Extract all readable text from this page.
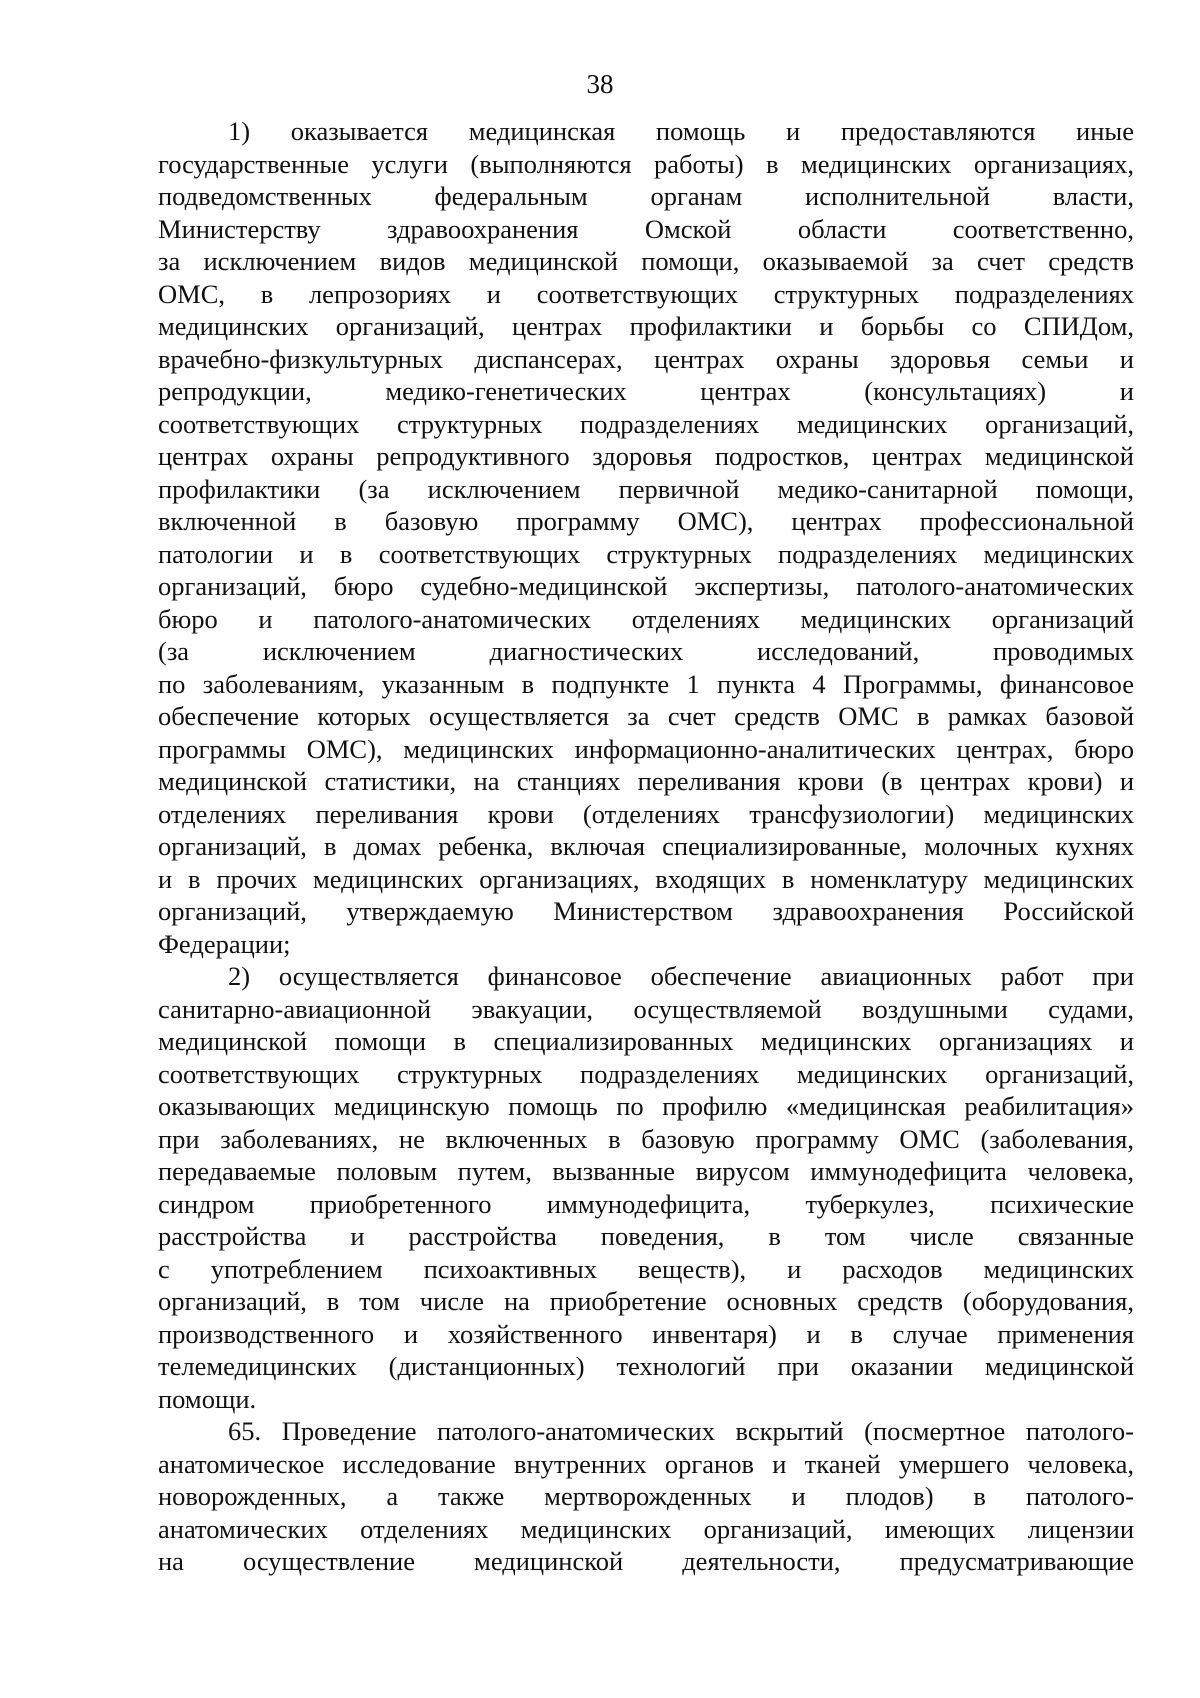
38
1) оказывается медицинская помощь и предоставляются иные
государственные услуги (выполняются работы) в медицинских организациях,
подведомственных федеральным органам исполнительной власти,
Министерству здравоохранения Омской области соответственно,
за исключением видов медицинской помощи, оказываемой за счет средств
ОМС, в лепрозориях и соответствующих структурных подразделениях
медицинских организаций, центрах профилактики и борьбы со СПИДом,
врачебно-физкультурных диспансерах, центрах охраны здоровья семьи и
репродукции, медико-генетических центрах (консультациях) и
соответствующих структурных подразделениях медицинских организаций,
центрах охраны репродуктивного здоровья подростков, центрах медицинской
профилактики (за исключением первичной медико-санитарной помощи,
включенной в базовую программу ОМС), центрах профессиональной
патологии и в соответствующих структурных подразделениях медицинских
организаций, бюро судебно-медицинской экспертизы, патолого-анатомических
бюро и патолого-анатомических отделениях медицинских организаций
(за исключением диагностических исследований, проводимых
по заболеваниям, указанным в подпункте 1 пункта 4 Программы, финансовое
обеспечение которых осуществляется за счет средств ОМС в рамках базовой
программы ОМС), медицинских информационно-аналитических центрах, бюро
медицинской статистики, на станциях переливания крови (в центрах крови) и
отделениях переливания крови (отделениях трансфузиологии) медицинских
организаций, в домах ребенка, включая специализированные, молочных кухнях
и в прочих медицинских организациях, входящих в номенклатуру медицинских
организаций, утверждаемую Министерством здравоохранения Российской
Федерации;
2) осуществляется финансовое обеспечение авиационных работ при
санитарно-авиационной эвакуации, осуществляемой воздушными судами,
медицинской помощи в специализированных медицинских организациях и
соответствующих структурных подразделениях медицинских организаций,
оказывающих медицинскую помощь по профилю «медицинская реабилитация»
при заболеваниях, не включенных в базовую программу ОМС (заболевания,
передаваемые половым путем, вызванные вирусом иммунодефицита человека,
синдром приобретенного иммунодефицита, туберкулез, психические
расстройства и расстройства поведения, в том числе связанные
с употреблением психоактивных веществ), и расходов медицинских
организаций, в том числе на приобретение основных средств (оборудования,
производственного и хозяйственного инвентаря) и в случае применения
телемедицинских (дистанционных) технологий при оказании медицинской
помощи.
65. Проведение патолого-анатомических вскрытий (посмертное патолого-
анатомическое исследование внутренних органов и тканей умершего человека,
новорожденных, а также мертворожденных и плодов) в патолого-
анатомических отделениях медицинских организаций, имеющих лицензии
на осуществление медицинской деятельности, предусматривающие
